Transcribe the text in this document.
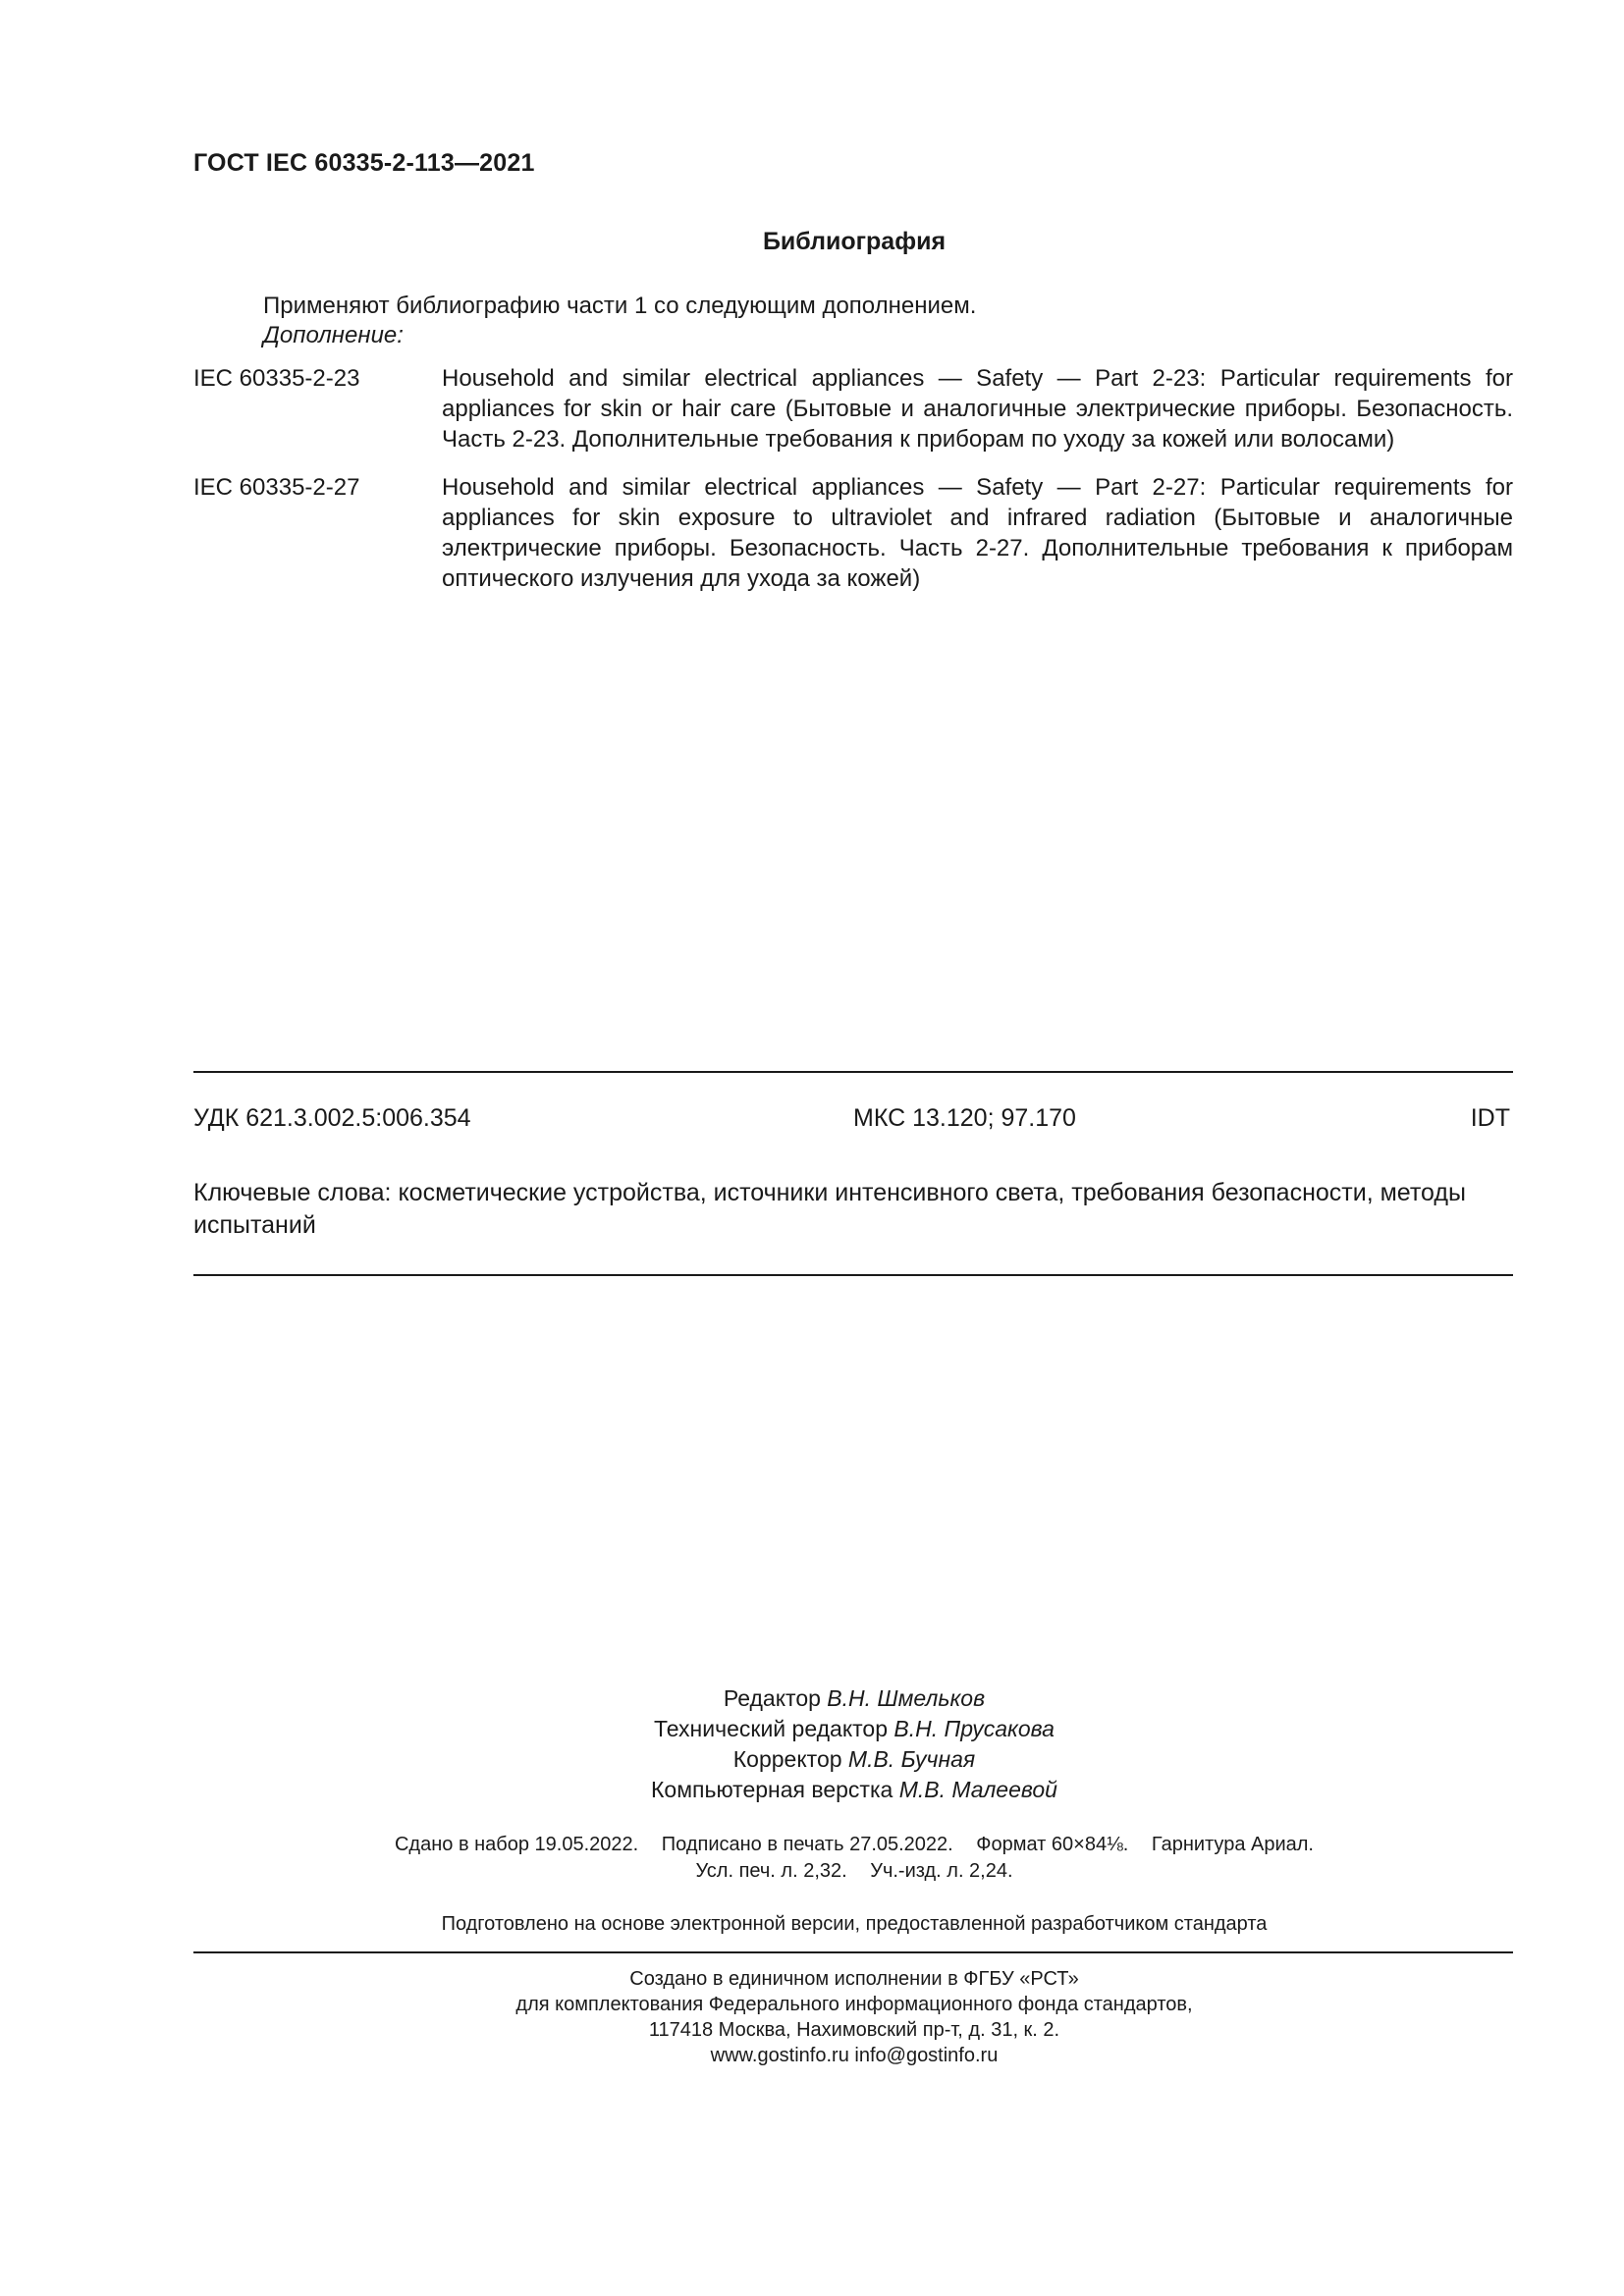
ГОСТ IEC 60335-2-113—2021
Библиография
Применяют библиографию части 1 со следующим дополнением.
Дополнение:
IEC 60335-2-23	Household and similar electrical appliances — Safety — Part 2-23: Particular requirements for appliances for skin or hair care (Бытовые и аналогичные электрические приборы. Безопасность. Часть 2-23. Дополнительные требования к приборам по уходу за кожей или волосами)
IEC 60335-2-27	Household and similar electrical appliances — Safety — Part 2-27: Particular requirements for appliances for skin exposure to ultraviolet and infrared radiation (Бытовые и аналогичные электрические приборы. Безопасность. Часть 2-27. Дополнительные требования к приборам оптического излучения для ухода за кожей)
УДК 621.3.002.5:006.354	МКС 13.120; 97.170	IDT
Ключевые слова: косметические устройства, источники интенсивного света, требования безопасности, методы испытаний
Редактор В.Н. Шмельков
Технический редактор В.Н. Прусакова
Корректор М.В. Бучная
Компьютерная верстка М.В. Малеевой
Сдано в набор 19.05.2022. Подписано в печать 27.05.2022. Формат 60×84⅛. Гарнитура Ариал.
Усл. печ. л. 2,32. Уч.-изд. л. 2,24.
Подготовлено на основе электронной версии, предоставленной разработчиком стандарта
Создано в единичном исполнении в ФГБУ «РСТ»
для комплектования Федерального информационного фонда стандартов,
117418 Москва, Нахимовский пр-т, д. 31, к. 2.
www.gostinfo.ru info@gostinfo.ru
